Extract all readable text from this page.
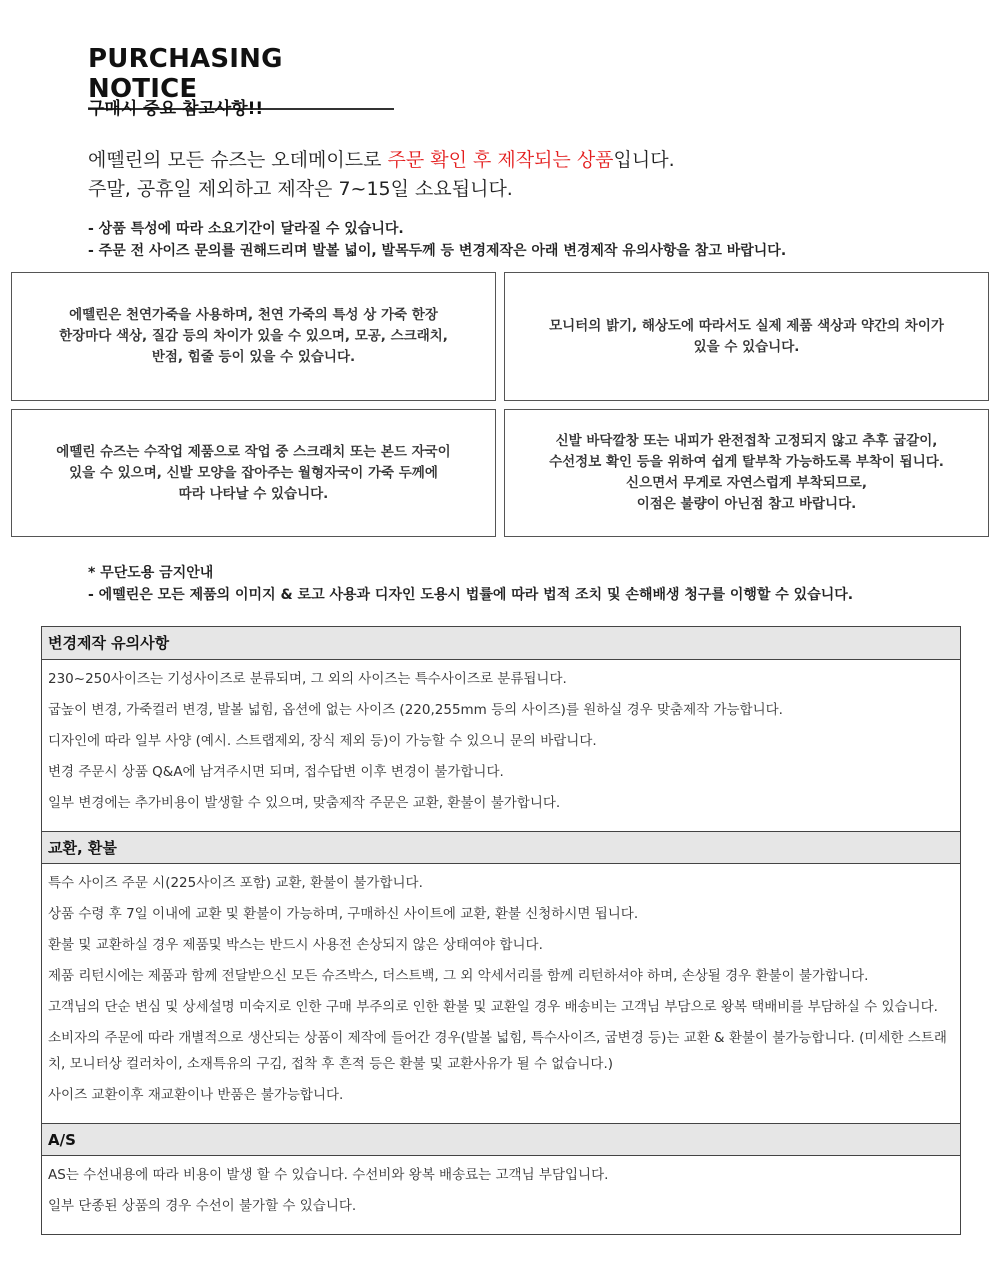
PURCHASING NOTICE
구매시 중요 참고사항!!
에뗄린의 모든 슈즈는 오데메이드로 주문 확인 후 제작되는 상품입니다.
주말, 공휴일 제외하고 제작은 7~15일 소요됩니다.
- 상품 특성에 따라 소요기간이 달라질 수 있습니다.
- 주문 전 사이즈 문의를 권해드리며 발볼 넓이, 발목두께 등 변경제작은 아래 변경제작 유의사항을 참고 바랍니다.
에뗄린은 천연가죽을 사용하며, 천연 가죽의 특성 상 가죽 한장
한장마다 색상, 질감 등의 차이가 있을 수 있으며, 모공, 스크래치,
반점, 힘줄 등이 있을 수 있습니다.
모니터의 밝기, 해상도에 따라서도 실제 제품 색상과 약간의 차이가
있을 수 있습니다.
에뗄린 슈즈는 수작업 제품으로 작업 중 스크래치 또는 본드 자국이
있을 수 있으며, 신발 모양을 잡아주는 월형자국이 가죽 두께에
따라 나타날 수 있습니다.
신발 바닥깔창 또는 내피가 완전접착 고정되지 않고 추후 굽갈이,
수선정보 확인 등을 위하여 쉽게 탈부착 가능하도록 부착이 됩니다.
신으면서 무게로 자연스럽게 부착되므로,
이점은 불량이 아닌점 참고 바랍니다.
* 무단도용 금지안내
- 에뗄린은 모든 제품의 이미지 & 로고 사용과 디자인 도용시 법률에 따라 법적 조치 및 손해배생 청구를 이행할 수 있습니다.
변경제작 유의사항
230~250사이즈는 기성사이즈로 분류되며, 그 외의 사이즈는 특수사이즈로 분류됩니다.
굽높이 변경, 가죽컬러 변경, 발볼 넓힘, 옵션에 없는 사이즈 (220,255mm 등의 사이즈)를 원하실 경우 맞춤제작 가능합니다.
디자인에 따라 일부 사양 (예시. 스트랩제외, 장식 제외 등)이 가능할 수 있으니 문의 바랍니다.
변경 주문시 상품 Q&A에 남겨주시면 되며, 접수답변 이후 변경이 불가합니다.
일부 변경에는 추가비용이 발생할 수 있으며, 맞춤제작 주문은 교환, 환불이 불가합니다.
교환, 환불
특수 사이즈 주문 시(225사이즈 포함) 교환, 환불이 불가합니다.
상품 수령 후 7일 이내에 교환 및 환불이 가능하며, 구매하신 사이트에 교환, 환불 신청하시면 됩니다.
환불 및 교환하실 경우 제품및 박스는 반드시 사용전 손상되지 않은 상태여야 합니다.
제품 리턴시에는 제품과 함께 전달받으신 모든 슈즈박스, 더스트백, 그 외 악세서리를 함께 리턴하셔야 하며, 손상될 경우 환불이 불가합니다.
고객님의 단순 변심 및 상세설명 미숙지로 인한 구매 부주의로 인한 환불 및 교환일 경우 배송비는 고객님 부담으로 왕복 택배비를 부담하실 수 있습니다.
소비자의 주문에 따라 개별적으로 생산되는 상품이 제작에 들어간 경우(발볼 넓힘, 특수사이즈, 굽변경 등)는 교환 & 환불이 불가능합니다. (미세한 스트래치, 모니터상 컬러차이, 소재특유의 구김, 접착 후 흔적 등은 환불 및 교환사유가 될 수 없습니다.)
사이즈 교환이후 재교환이나 반품은 불가능합니다.
A/S
AS는 수선내용에 따라 비용이 발생 할 수 있습니다. 수선비와 왕복 배송료는 고객님 부담입니다.
일부 단종된 상품의 경우 수선이 불가할 수 있습니다.
